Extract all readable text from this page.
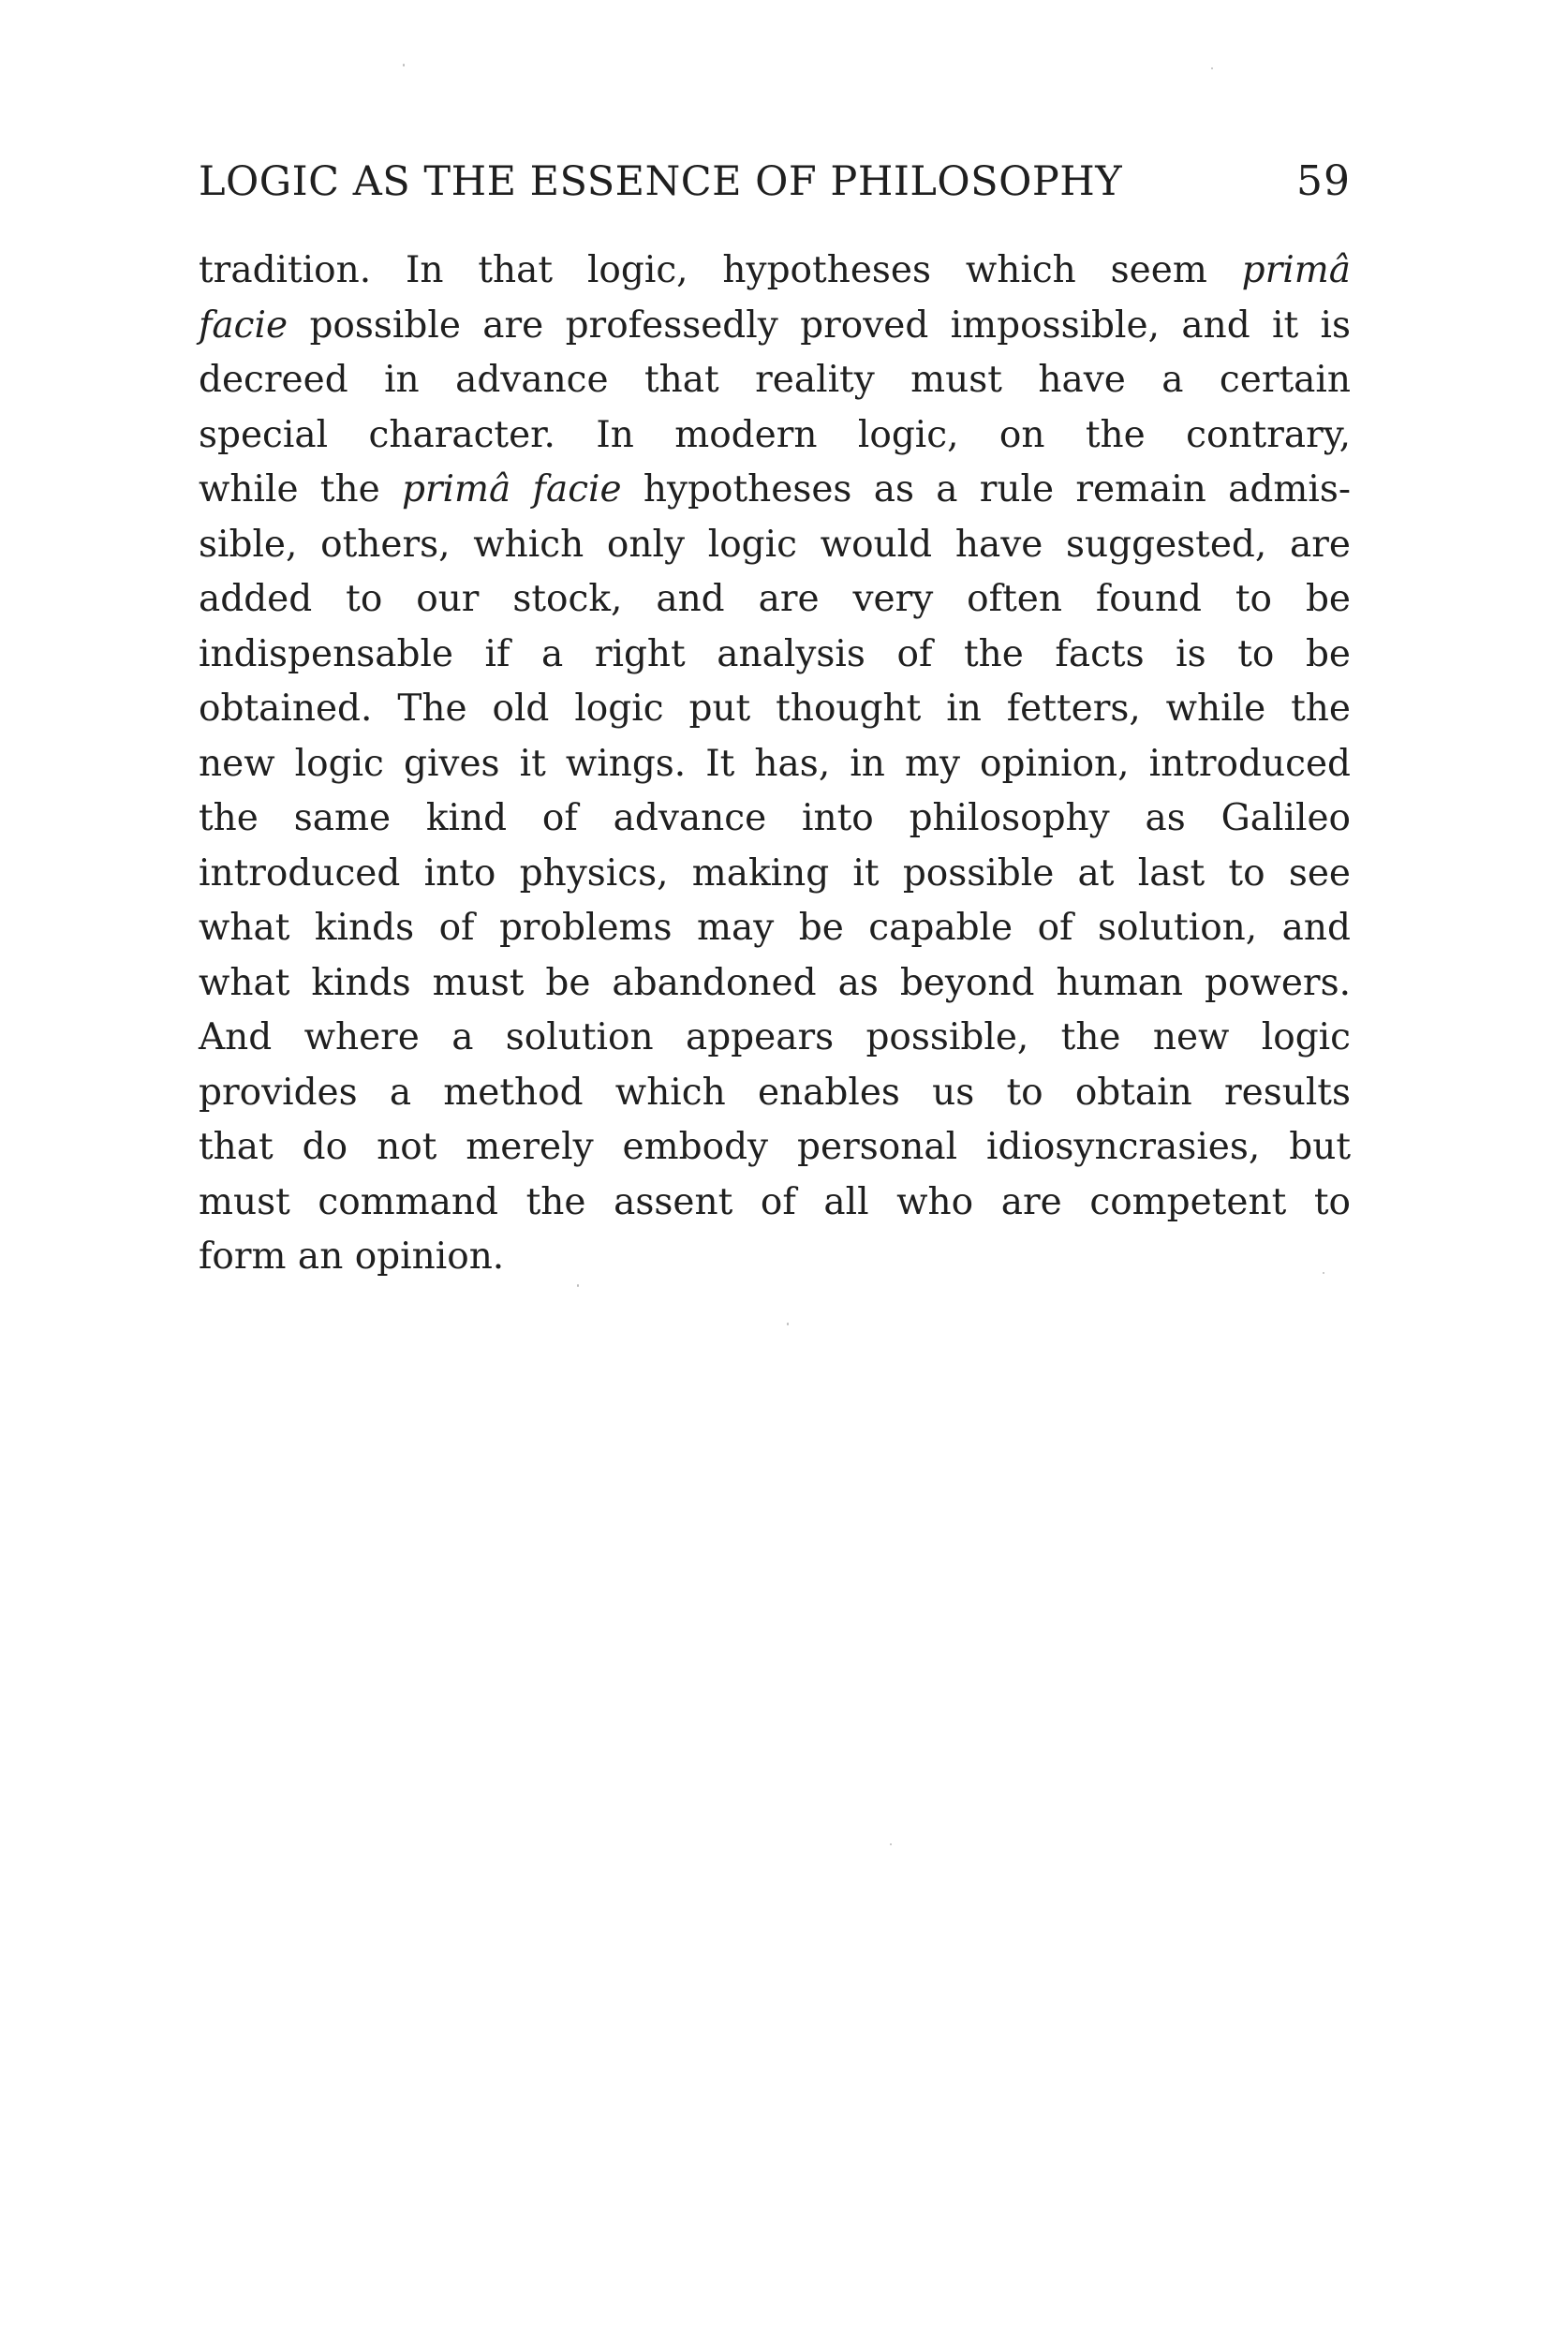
LOGIC AS THE ESSENCE OF PHILOSOPHY	59
tradition. In that logic, hypotheses which seem primâ
facie possible are professedly proved impossible, and it is
decreed in advance that reality must have a certain
special character. In modern logic, on the contrary,
while the primâ facie hypotheses as a rule remain admis-
sible, others, which only logic would have suggested, are
added to our stock, and are very often found to be
indispensable if a right analysis of the facts is to be
obtained. The old logic put thought in fetters, while the
new logic gives it wings. It has, in my opinion, introduced
the same kind of advance into philosophy as Galileo
introduced into physics, making it possible at last to see
what kinds of problems may be capable of solution, and
what kinds must be abandoned as beyond human powers.
And where a solution appears possible, the new logic
provides a method which enables us to obtain results
that do not merely embody personal idiosyncrasies, but
must command the assent of all who are competent to
form an opinion.
